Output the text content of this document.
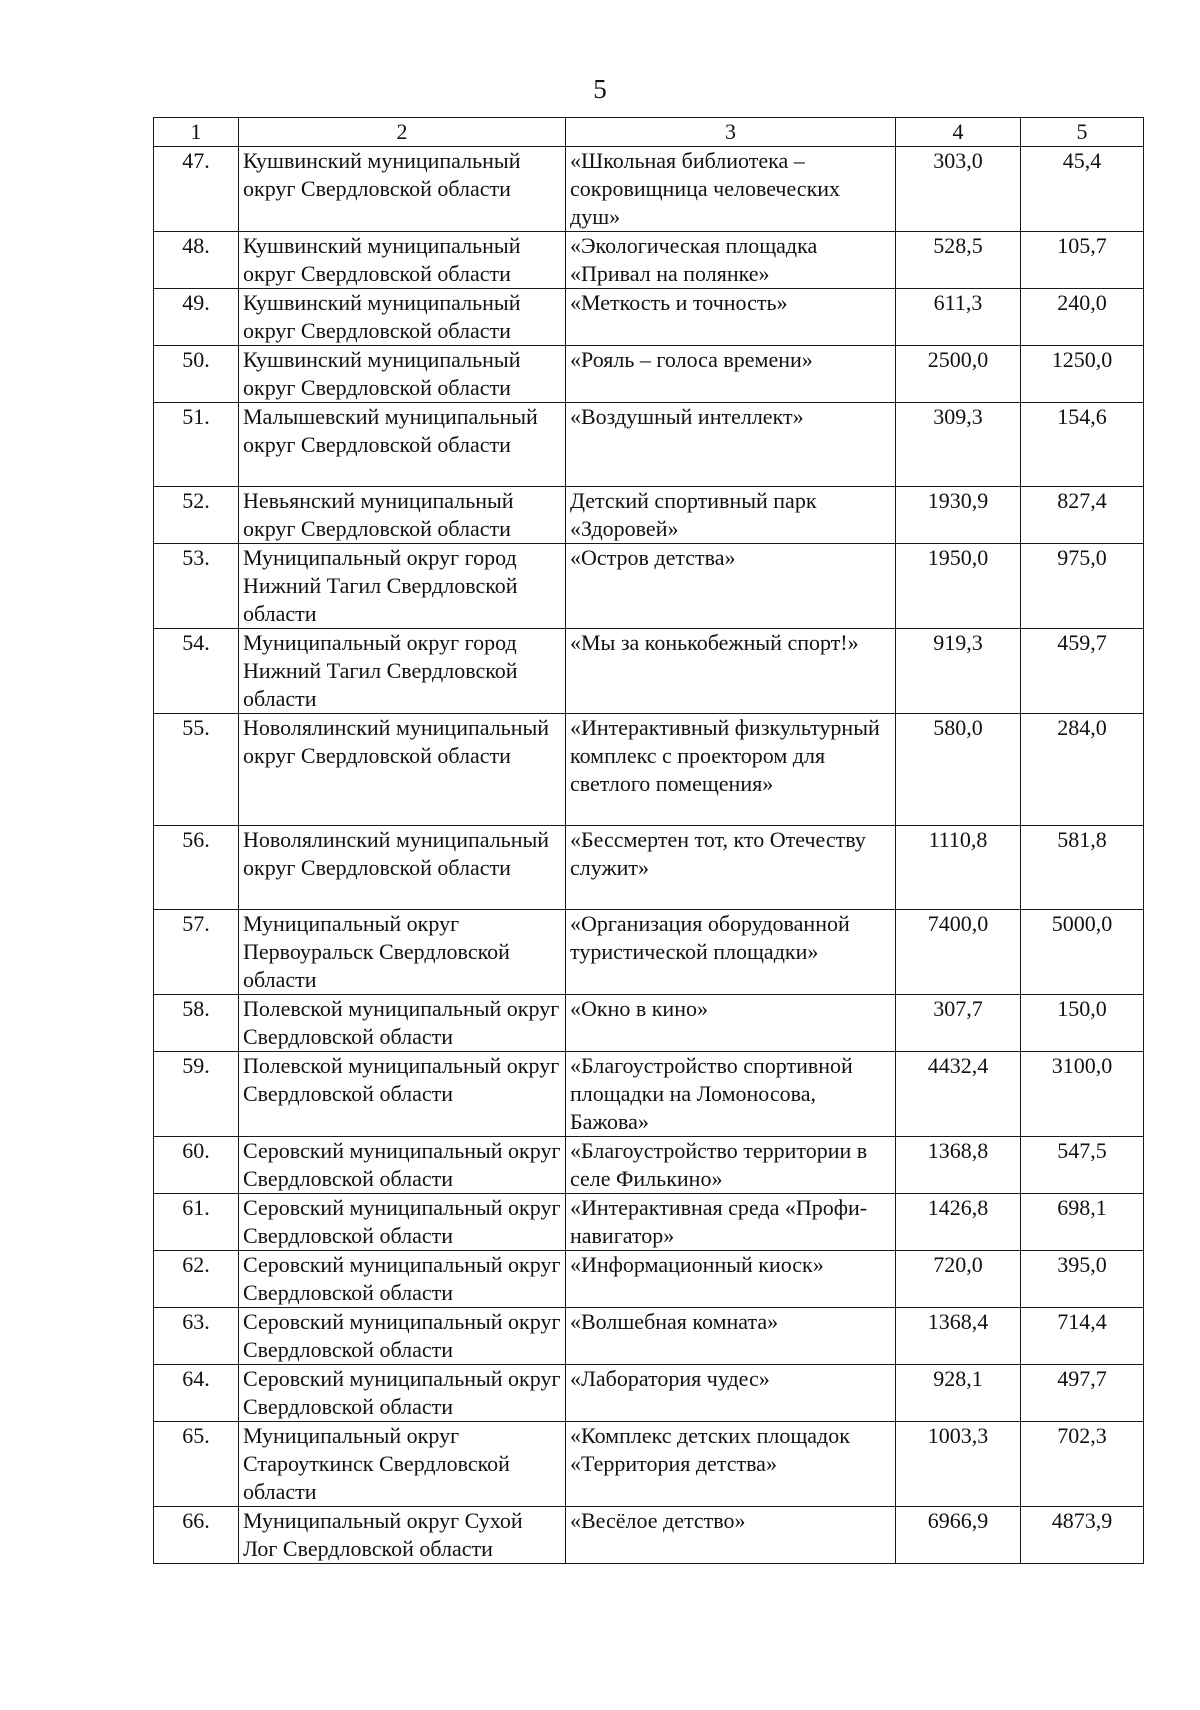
5
1	2	3	4	5
47.	Кушвинский муниципальный округ Свердловской области	«Школьная библиотека – сокровищница человеческих душ»	303,0	45,4
48.	Кушвинский муниципальный округ Свердловской области	«Экологическая площадка «Привал на полянке»	528,5	105,7
49.	Кушвинский муниципальный округ Свердловской области	«Меткость и точность»	611,3	240,0
50.	Кушвинский муниципальный округ Свердловской области	«Рояль – голоса времени»	2500,0	1250,0
51.	Малышевский муниципальный округ Свердловской области	«Воздушный интеллект»	309,3	154,6
52.	Невьянский муниципальный округ Свердловской области	Детский спортивный парк «Здоровей»	1930,9	827,4
53.	Муниципальный округ город Нижний Тагил Свердловской области	«Остров детства»	1950,0	975,0
54.	Муниципальный округ город Нижний Тагил Свердловской области	«Мы за конькобежный спорт!»	919,3	459,7
55.	Новолялинский муниципальный округ Свердловской области	«Интерактивный физкультурный комплекс с проектором для светлого помещения»	580,0	284,0
56.	Новолялинский муниципальный округ Свердловской области	«Бессмертен тот, кто Отечеству служит»	1110,8	581,8
57.	Муниципальный округ Первоуральск Свердловской области	«Организация оборудованной туристической площадки»	7400,0	5000,0
58.	Полевской муниципальный округ Свердловской области	«Окно в кино»	307,7	150,0
59.	Полевской муниципальный округ Свердловской области	«Благоустройство спортивной площадки на Ломоносова, Бажова»	4432,4	3100,0
60.	Серовский муниципальный округ Свердловской области	«Благоустройство территории в селе Филькино»	1368,8	547,5
61.	Серовский муниципальный округ Свердловской области	«Интерактивная среда «Профи-навигатор»	1426,8	698,1
62.	Серовский муниципальный округ Свердловской области	«Информационный киоск»	720,0	395,0
63.	Серовский муниципальный округ Свердловской области	«Волшебная комната»	1368,4	714,4
64.	Серовский муниципальный округ Свердловской области	«Лаборатория чудес»	928,1	497,7
65.	Муниципальный округ Староуткинск Свердловской области	«Комплекс детских площадок «Территория детства»	1003,3	702,3
66.	Муниципальный округ Сухой Лог Свердловской области	«Весёлое детство»	6966,9	4873,9
